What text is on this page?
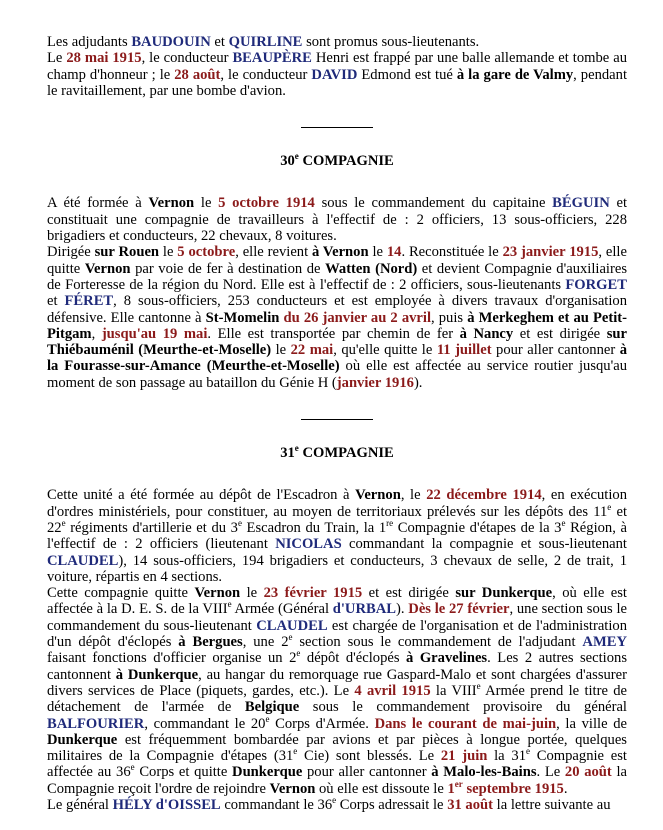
Les adjudants BAUDOUIN et QUIRLINE sont promus sous-lieutenants.

Le 28 mai 1915, le conducteur BEAUPÈRE Henri est frappé par une balle allemande et tombe au champ d'honneur ; le 28 août, le conducteur DAVID Edmond est tué à la gare de Valmy, pendant le ravitaillement, par une bombe d'avion.

30e COMPAGNIE

A été formée à Vernon le 5 octobre 1914 sous le commandement du capitaine BÉGUIN et constituait une compagnie de travailleurs à l'effectif de : 2 officiers, 13 sous-officiers, 228 brigadiers et conducteurs, 22 chevaux, 8 voitures.

Dirigée sur Rouen le 5 octobre, elle revient à Vernon le 14. Reconstituée le 23 janvier 1915, elle quitte Vernon par voie de fer à destination de Watten (Nord) et devient Compagnie d'auxiliaires de Forteresse de la région du Nord. Elle est à l'effectif de : 2 officiers, sous-lieutenants FORGET et FÉRET, 8 sous-officiers, 253 conducteurs et est employée à divers travaux d'organisation défensive. Elle cantonne à St-Momelin du 26 janvier au 2 avril, puis à Merkeghem et au Petit-Pitgam, jusqu'au 19 mai. Elle est transportée par chemin de fer à Nancy et est dirigée sur Thiébauménil (Meurthe-et-Moselle) le 22 mai, qu'elle quitte le 11 juillet pour aller cantonner à la Fourasse-sur-Amance (Meurthe-et-Moselle) où elle est affectée au service routier jusqu'au moment de son passage au bataillon du Génie H (janvier 1916).

31e COMPAGNIE

Cette unité a été formée au dépôt de l'Escadron à Vernon, le 22 décembre 1914, en exécution d'ordres ministériels, pour constituer, au moyen de territoriaux prélevés sur les dépôts des 11e et 22e régiments d'artillerie et du 3e Escadron du Train, la 1re Compagnie d'étapes de la 3e Région, à l'effectif de : 2 officiers (lieutenant NICOLAS commandant la compagnie et sous-lieutenant CLAUDEL), 14 sous-officiers, 194 brigadiers et conducteurs, 3 chevaux de selle, 2 de trait, 1 voiture, répartis en 4 sections.

Cette compagnie quitte Vernon le 23 février 1915 et est dirigée sur Dunkerque, où elle est affectée à la D. E. S. de la VIIIe Armée (Général d'URBAL). Dès le 27 février, une section sous le commandement du sous-lieutenant CLAUDEL est chargée de l'organisation et de l'administration d'un dépôt d'éclopés à Bergues, une 2e section sous le commandement de l'adjudant AMEY faisant fonctions d'officier organise un 2e dépôt d'éclopés à Gravelines. Les 2 autres sections cantonnent à Dunkerque, au hangar du remorquage rue Gaspard-Malo et sont chargées d'assurer divers services de Place (piquets, gardes, etc.). Le 4 avril 1915 la VIIIe Armée prend le titre de détachement de l'armée de Belgique sous le commandement provisoire du général BALFOURIER, commandant le 20e Corps d'Armée. Dans le courant de mai-juin, la ville de Dunkerque est fréquemment bombardée par avions et par pièces à longue portée, quelques militaires de la Compagnie d'étapes (31e Cie) sont blessés. Le 21 juin la 31e Compagnie est affectée au 36e Corps et quitte Dunkerque pour aller cantonner à Malo-les-Bains. Le 20 août la Compagnie reçoit l'ordre de rejoindre Vernon où elle est dissoute le 1er septembre 1915.

Le général HÉLY d'OISSEL commandant le 36e Corps adressait le 31 août la lettre suivante au
